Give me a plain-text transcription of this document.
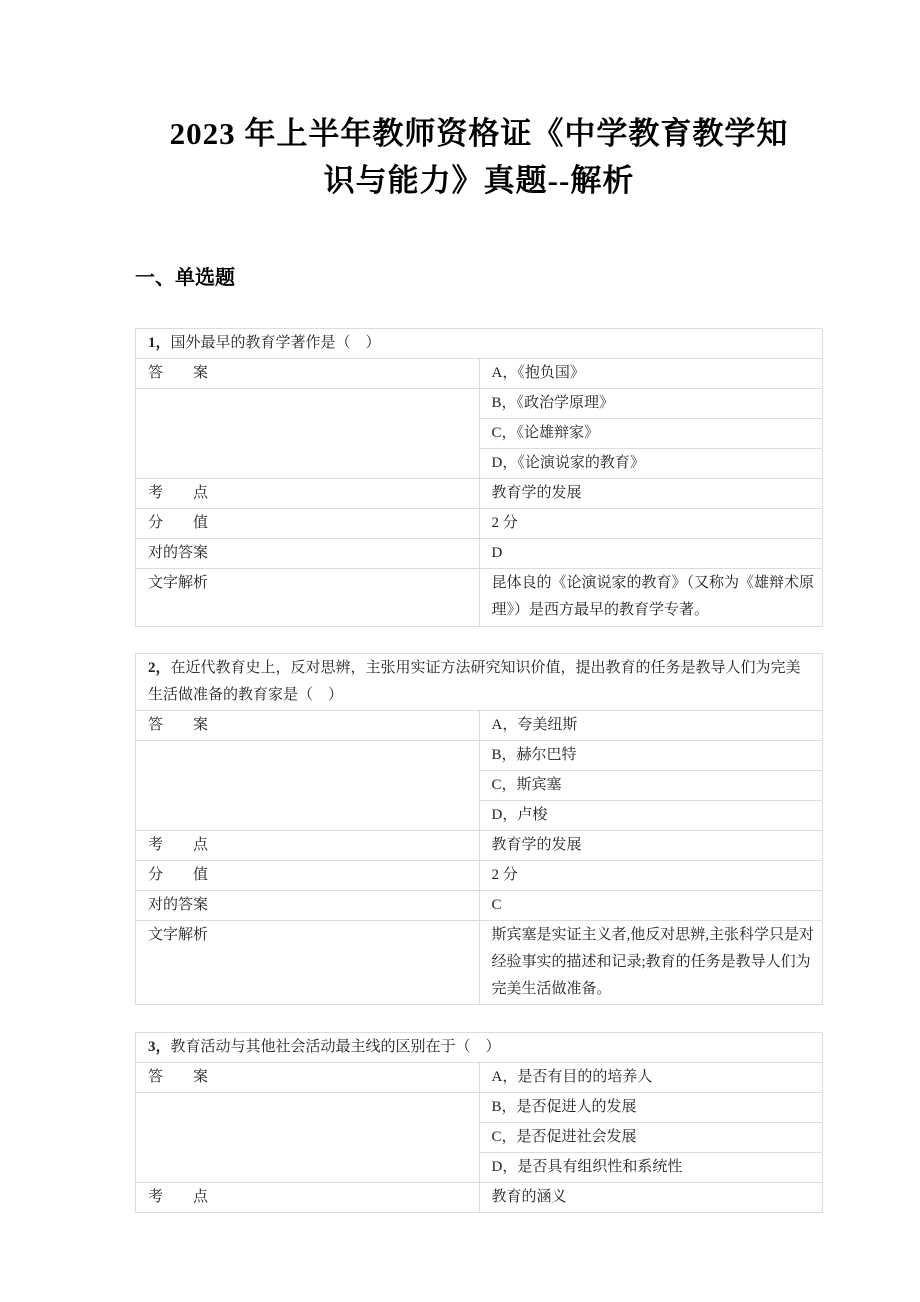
2023 年上半年教师资格证《中学教育教学知识与能力》真题--解析
一、单选题
1，国外最早的教育学著作是（　）	
答　　案	A，《抱负国》
	B，《政治学原理》
	C，《论雄辩家》
	D，《论演说家的教育》
考　　点	教育学的发展
分　　值	2 分
对的答案	D
文字解析	昆体良的《论演说家的教育》（又称为《雄辩术原理》）是西方最早的教育学专著。
2，在近代教育史上，反对思辨，主张用实证方法研究知识价值，提出教育的任务是教导人们为完美生活做准备的教育家是（　）	
答　　案	A，夸美纽斯
	B，赫尔巴特
	C，斯宾塞
	D，卢梭
考　　点	教育学的发展
分　　值	2 分
对的答案	C
文字解析	斯宾塞是实证主义者,他反对思辨,主张科学只是对经验事实的描述和记录;教育的任务是教导人们为完美生活做准备。
3，教育活动与其他社会活动最主线的区别在于（　）	
答　　案	A，是否有目的的培养人
	B，是否促进人的发展
	C，是否促进社会发展
	D，是否具有组织性和系统性
考　　点	教育的涵义
